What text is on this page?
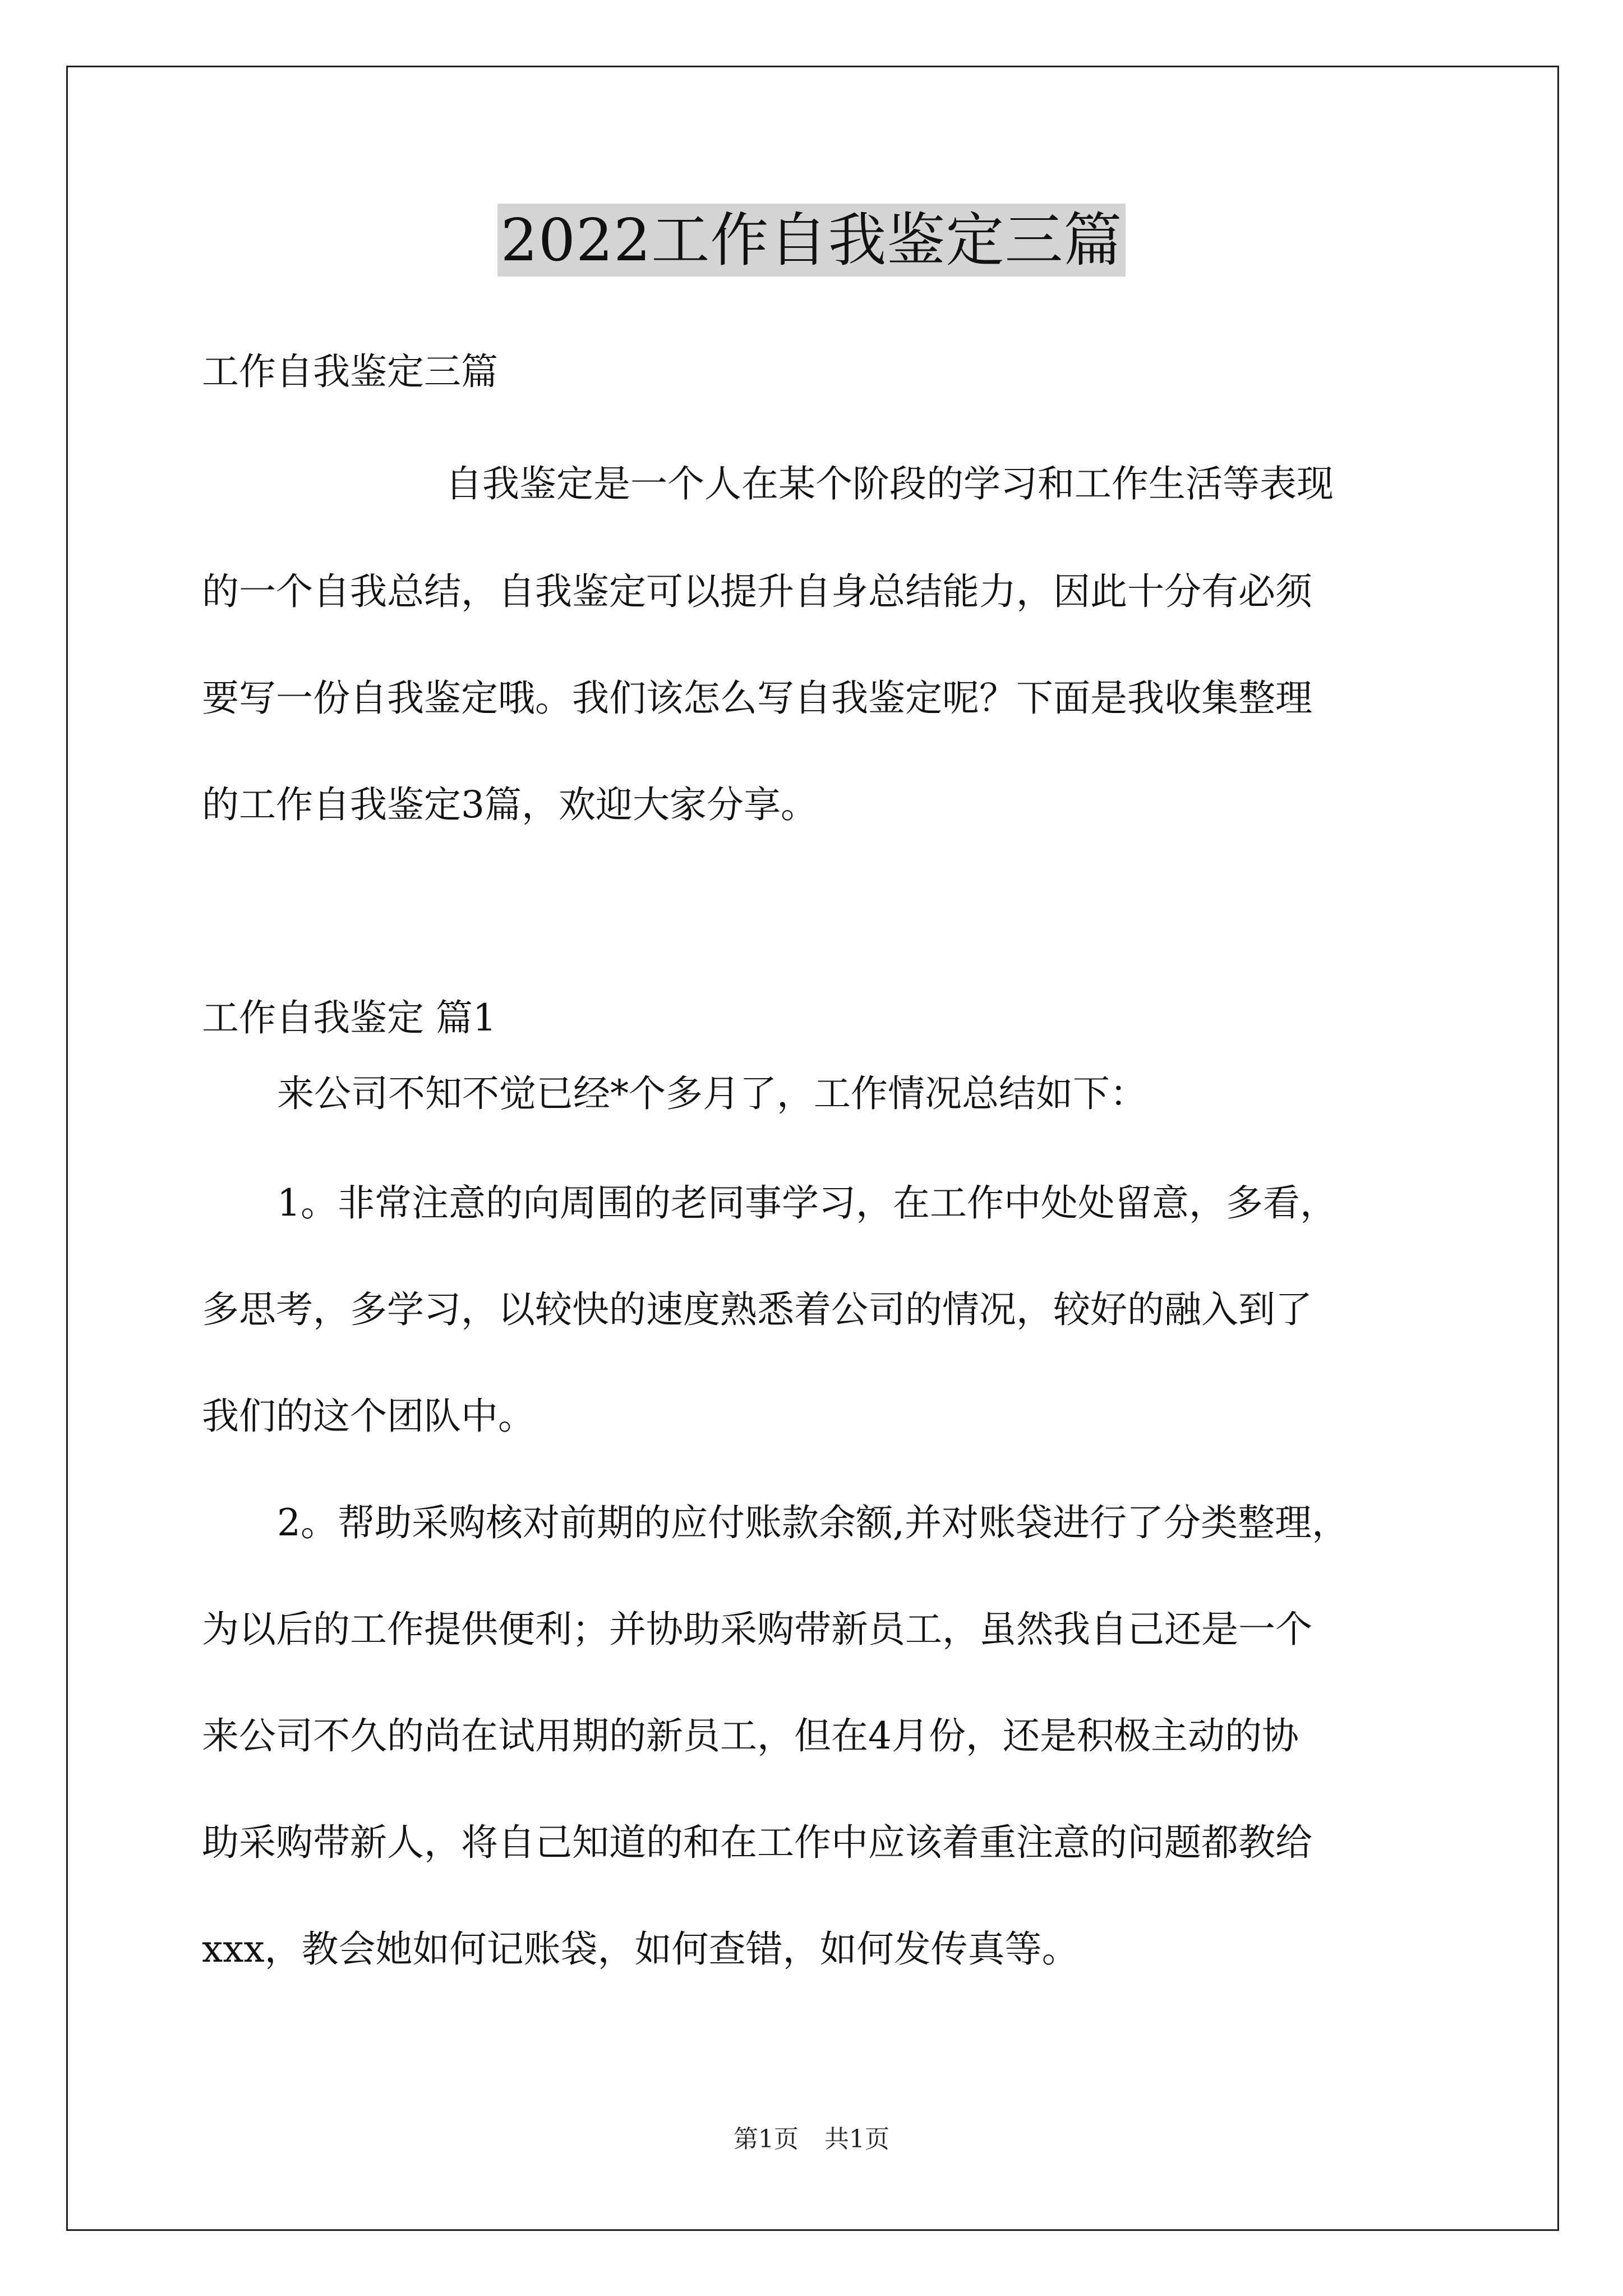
2022工作自我鉴定三篇

工作自我鉴定三篇

自我鉴定是一个人在某个阶段的学习和工作生活等表现

的一个自我总结，自我鉴定可以提升自身总结能力，因此十分有必须

要写一份自我鉴定哦。我们该怎么写自我鉴定呢？下面是我收集整理

的工作自我鉴定3篇，欢迎大家分享。

工作自我鉴定 篇1

来公司不知不觉已经*个多月了，工作情况总结如下：

1。非常注意的向周围的老同事学习，在工作中处处留意，多看，

多思考，多学习，以较快的速度熟悉着公司的情况，较好的融入到了

我们的这个团队中。

2。帮助采购核对前期的应付账款余额,并对账袋进行了分类整理，

为以后的工作提供便利；并协助采购带新员工，虽然我自己还是一个

来公司不久的尚在试用期的新员工，但在4月份，还是积极主动的协

助采购带新人，将自己知道的和在工作中应该着重注意的问题都教给

xxx，教会她如何记账袋，如何查错，如何发传真等。

第1页 共1页
